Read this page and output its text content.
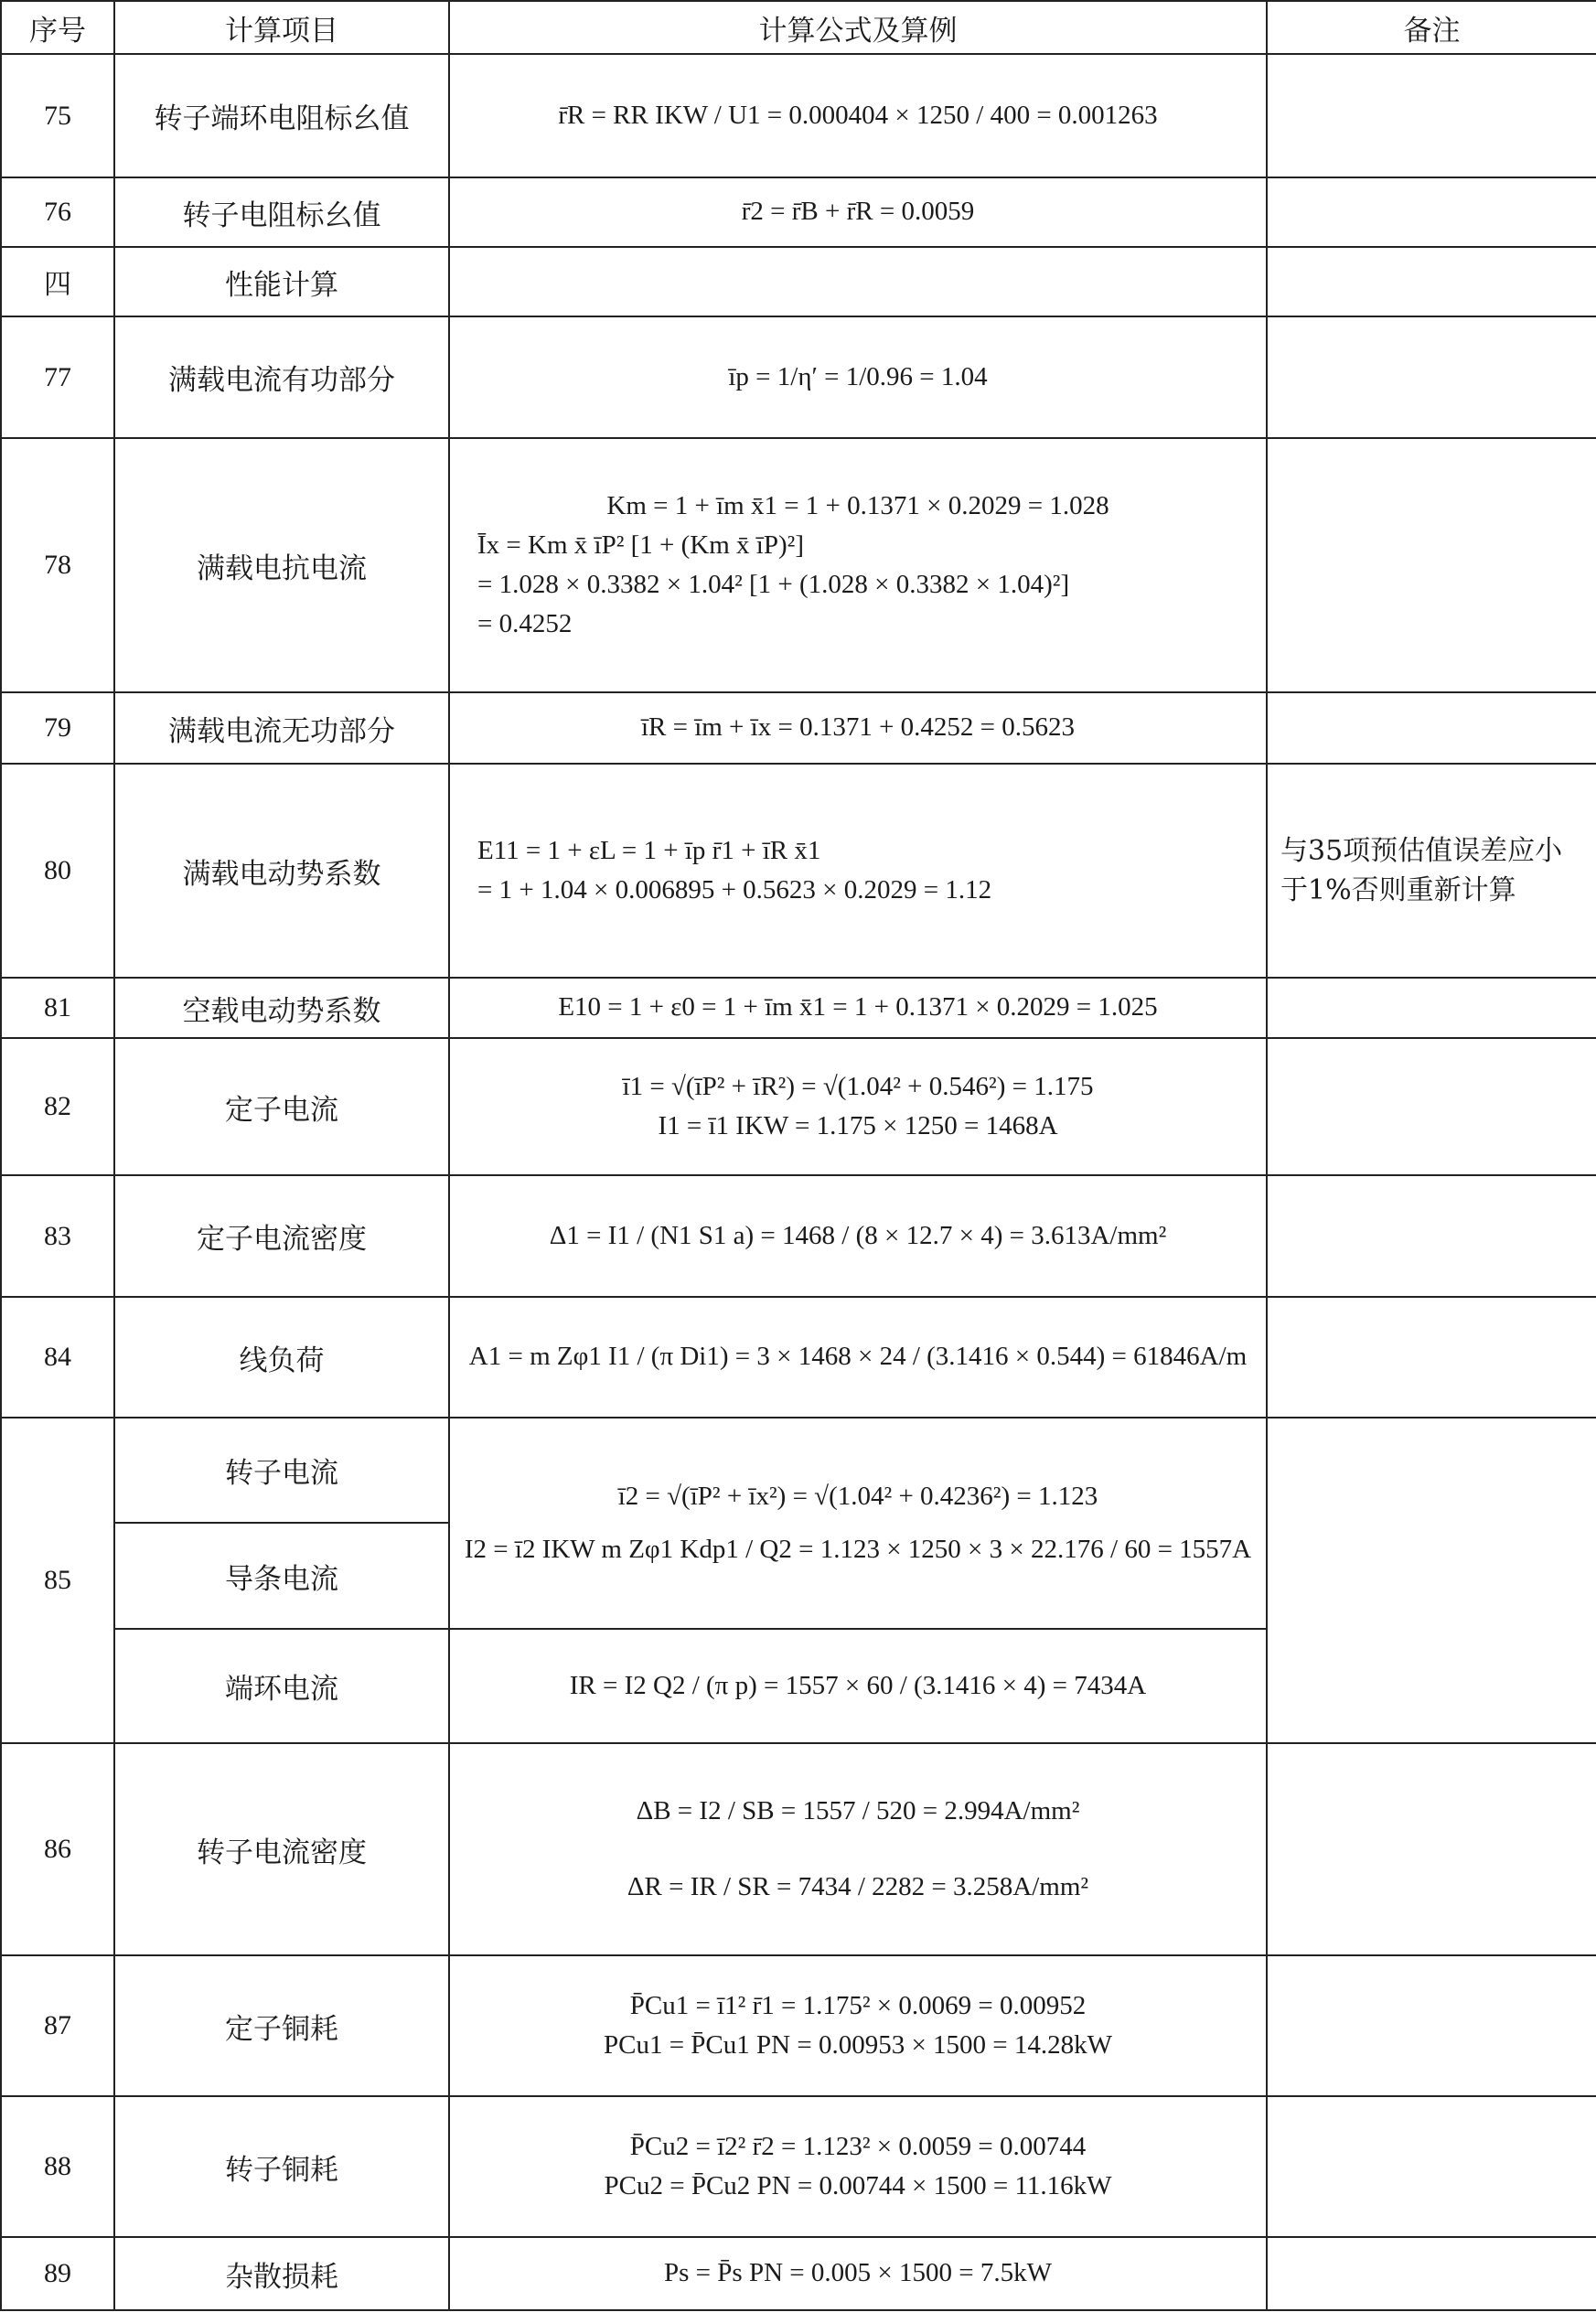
序号	计算项目	计算公式及算例	备注
75	转子端环电阻标幺值	r̄R = RR IKW / U1 = 0.000404 × 1250 / 400 = 0.001263	

76	转子电阻标幺值	r̄2 = r̄B + r̄R = 0.0059	

四	性能计算	

77	满载电流有功部分	īp = 1/η′ = 1/0.96 = 1.04	

78	满载电抗电流	Km = 1 + īm x̄1 = 1 + 0.1371 × 0.2029 = 1.028
Īx = Km x̄ īP² [1 + (Km x̄ īP)²]
= 1.028 × 0.3382 × 1.04² [1 + (1.028 × 0.3382 × 1.04)²]
= 0.4252	

79	满载电流无功部分	īR = īm + īx = 0.1371 + 0.4252 = 0.5623	

80	满载电动势系数	E11 = 1 + εL = 1 + īp r̄1 + īR x̄1
= 1 + 1.04 × 0.006895 + 0.5623 × 0.2029 = 1.12	与35项预估值误差应小于1%否则重新计算
81	空载电动势系数	E10 = 1 + ε0 = 1 + īm x̄1 = 1 + 0.1371 × 0.2029 = 1.025	

82	定子电流	ī1 = √(īP² + īR²) = √(1.04² + 0.546²) = 1.175
I1 = ī1 IKW = 1.175 × 1250 = 1468A	

83	定子电流密度	Δ1 = I1 / (N1 S1 a) = 1468 / (8 × 12.7 × 4) = 3.613A/mm²	

84	线负荷	A1 = m Zφ1 I1 / (π Di1) = 3 × 1468 × 24 / (3.1416 × 0.544) = 61846A/m	

85	转子电流	ī2 = √(īP² + īx²) = √(1.04² + 0.4236²) = 1.123
I2 = ī2 IKW m Zφ1 Kdp1 / Q2 = 1.123 × 1250 × 3 × 22.176 / 60 = 1557A	

	导条电流		
	端环电流	IR = I2 Q2 / (π p) = 1557 × 60 / (3.1416 × 4) = 7434A	

86	转子电流密度	ΔB = I2 / SB = 1557 / 520 = 2.994A/mm²
ΔR = IR / SR = 7434 / 2282 = 3.258A/mm²	

87	定子铜耗	P̄Cu1 = ī1² r̄1 = 1.175² × 0.0069 = 0.00952
PCu1 = P̄Cu1 PN = 0.00953 × 1500 = 14.28kW	

88	转子铜耗	P̄Cu2 = ī2² r̄2 = 1.123² × 0.0059 = 0.00744
PCu2 = P̄Cu2 PN = 0.00744 × 1500 = 11.16kW	

89	杂散损耗	Ps = P̄s PN = 0.005 × 1500 = 7.5kW	
